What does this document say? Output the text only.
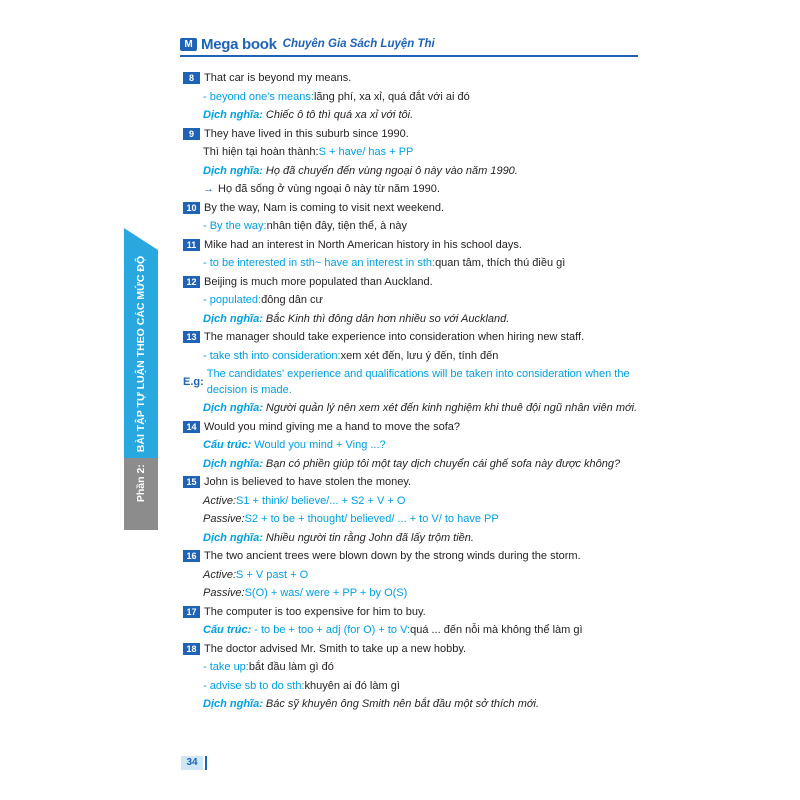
M Mega book Chuyên Gia Sách Luyện Thi
Phần 2:BÀI TẬP TỰ LUẬN THEO CÁC MỨC ĐỘ
8 That car is beyond my means.
- beyond one's means: lãng phí, xa xỉ, quá đắt với ai đó
Dịch nghĩa: Chiếc ô tô thì quá xa xỉ với tôi.
9 They have lived in this suburb since 1990.
Thì hiện tại hoàn thành: S + have/ has + PP
Dịch nghĩa: Họ đã chuyển đến vùng ngoại ô này vào năm 1990.
→ Họ đã sống ở vùng ngoại ô này từ năm 1990.
10 By the way, Nam is coming to visit next weekend.
- By the way: nhân tiện đây, tiện thể, à này
11 Mike had an interest in North American history in his school days.
- to be interested in sth~ have an interest in sth: quan tâm, thích thú điều gì
12 Beijing is much more populated than Auckland.
- populated: đông dân cư
Dịch nghĩa: Bắc Kinh thì đông dân hơn nhiều so với Auckland.
13 The manager should take experience into consideration when hiring new staff.
- take sth into consideration: xem xét đến, lưu ý đến, tính đến
E.g:
The candidates' experience and qualifications will be taken into consideration when the decision is made.
Dịch nghĩa: Người quản lý nên xem xét đến kinh nghiệm khi thuê đội ngũ nhân viên mới.
14 Would you mind giving me a hand to move the sofa?
Cấu trúc: Would you mind + Ving ...?
Dịch nghĩa: Bạn có phiền giúp tôi một tay dịch chuyển cái ghế sofa này được không?
15 John is believed to have stolen the money.
Active: S1 + think/ believe/... + S2 + V + O
Passive: S2 + to be + thought/ believed/ ... + to V/ to have PP
Dịch nghĩa: Nhiều người tin rằng John đã lấy trộm tiền.
16 The two ancient trees were blown down by the strong winds during the storm.
Active: S + V past + O
Passive: S(O) + was/ were + PP + by O(S)
17 The computer is too expensive for him to buy.
Cấu trúc: - to be + too + adj (for O) + to V: quá ... đến nỗi mà không thể làm gì
18 The doctor advised Mr. Smith to take up a new hobby.
- take up: bắt đầu làm gì đó
- advise sb to do sth: khuyên ai đó làm gì
Dịch nghĩa: Bác sỹ khuyên ông Smith nên bắt đầu một sở thích mới.
34
